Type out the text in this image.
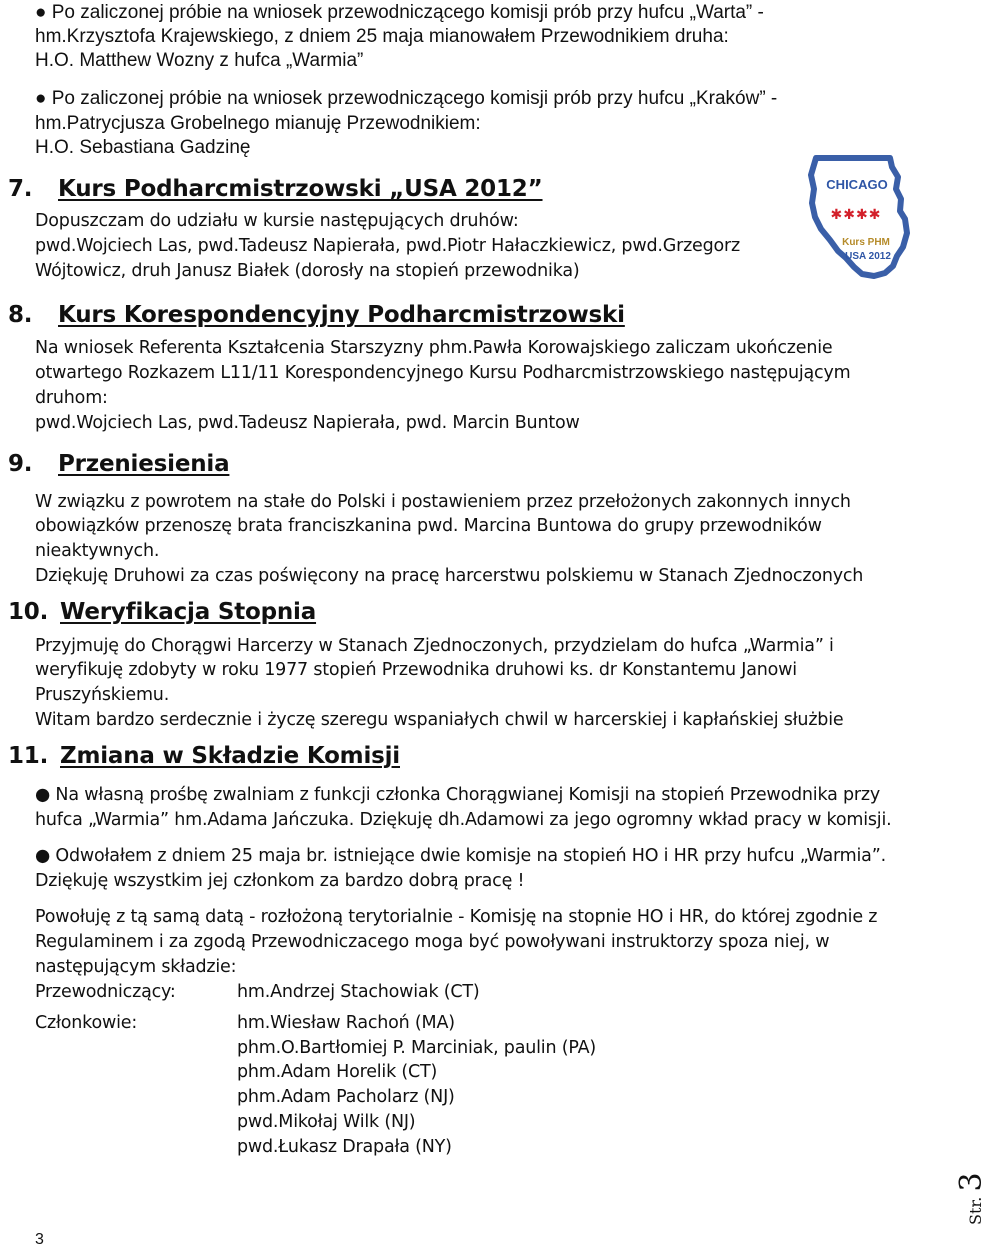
● Po zaliczonej próbie na wniosek przewodniczącego komisji prób przy hufcu „Warta” -
hm.Krzysztofa Krajewskiego, z dniem 25 maja mianowałem Przewodnikiem druha:
H.O. Matthew Wozny z hufca „Warmia”
● Po zaliczonej próbie na wniosek przewodniczącego komisji prób przy hufcu „Kraków” -
hm.Patrycjusza Grobelnego mianuję Przewodnikiem:
H.O. Sebastiana Gadzinę
7. Kurs Podharcmistrzowski „USA 2012”
Dopuszczam do udziału w kursie następujących druhów:
pwd.Wojciech Las, pwd.Tadeusz Napierała, pwd.Piotr Hałaczkiewicz, pwd.Grzegorz
Wójtowicz, druh Janusz Białek (dorosły na stopień przewodnika)
CHICAGO
✱✱✱✱
Kurs PHM
USA 2012
8. Kurs Korespondencyjny Podharcmistrzowski
Na wniosek Referenta Kształcenia Starszyzny phm.Pawła Korowajskiego zaliczam ukończenie
otwartego Rozkazem L11/11 Korespondencyjnego Kursu Podharcmistrzowskiego następującym
druhom:
pwd.Wojciech Las, pwd.Tadeusz Napierała, pwd. Marcin Buntow
9. Przeniesienia
W związku z powrotem na stałe do Polski i postawieniem przez przełożonych zakonnych innych
obowiązków przenoszę brata franciszkanina pwd. Marcina Buntowa do grupy przewodników
nieaktywnych.
Dziękuję Druhowi za czas poświęcony na pracę harcerstwu polskiemu w Stanach Zjednoczonych
10. Weryfikacja Stopnia
Przyjmuję do Chorągwi Harcerzy w Stanach Zjednoczonych, przydzielam do hufca „Warmia” i
weryfikuję zdobyty w roku 1977 stopień Przewodnika druhowi ks. dr Konstantemu Janowi
Pruszyńskiemu.
Witam bardzo serdecznie i życzę szeregu wspaniałych chwil w harcerskiej i kapłańskiej służbie
11. Zmiana w Składzie Komisji
● Na własną prośbę zwalniam z funkcji członka Chorągwianej Komisji na stopień Przewodnika przy
hufca „Warmia” hm.Adama Jańczuka. Dziękuję dh.Adamowi za jego ogromny wkład pracy w komisji.
● Odwołałem z dniem 25 maja br. istniejące dwie komisje na stopień HO i HR przy hufcu „Warmia”.
Dziękuję wszystkim jej członkom za bardzo dobrą pracę !
Powołuję z tą samą datą - rozłożoną terytorialnie - Komisję na stopnie HO i HR, do której zgodnie z
Regulaminem i za zgodą Przewodniczacego moga być powoływani instruktorzy spoza niej, w
następującym składzie:
Przewodniczący:	hm.Andrzej Stachowiak (CT)
Członkowie:	hm.Wiesław Rachoń (MA)
phm.O.Bartłomiej P. Marciniak, paulin (PA)
phm.Adam Horelik (CT)
phm.Adam Pacholarz (NJ)
pwd.Mikołaj Wilk (NJ)
pwd.Łukasz Drapała (NY)
3
Str. 3
